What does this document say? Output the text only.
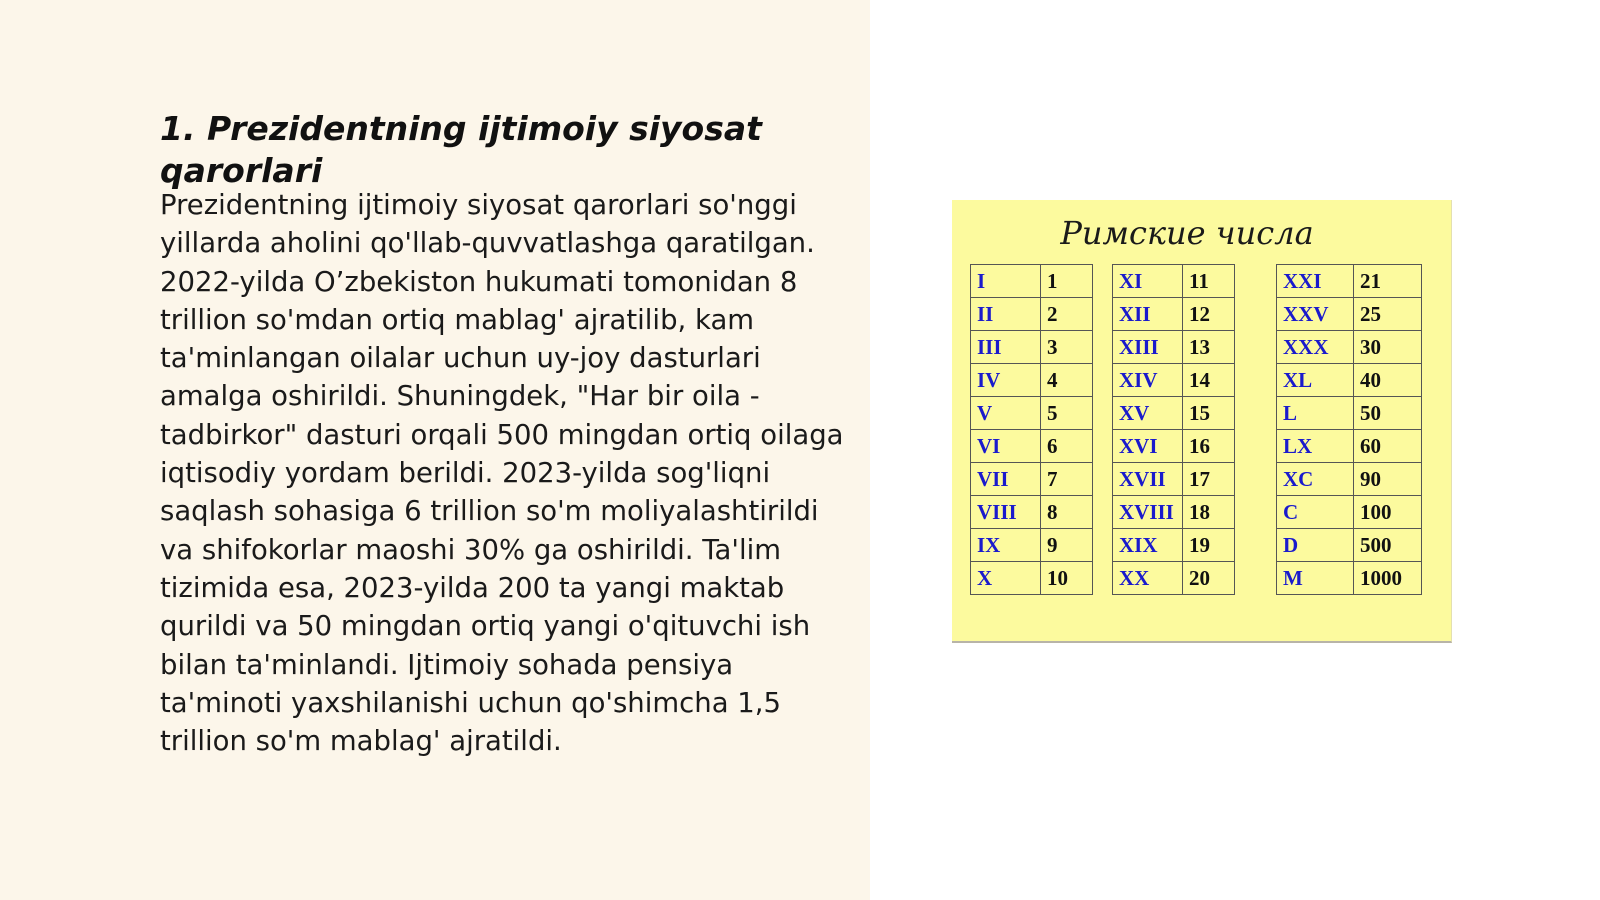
1. Prezidentning ijtimoiy siyosat qarorlari

Prezidentning ijtimoiy siyosat qarorlari so'nggi yillarda aholini qo'llab-quvvatlashga qaratilgan. 2022-yilda O’zbekiston hukumati tomonidan 8 trillion so'mdan ortiq mablag' ajratilib, kam ta'minlangan oilalar uchun uy-joy dasturlari amalga oshirildi. Shuningdek, "Har bir oila - tadbirkor" dasturi orqali 500 mingdan ortiq oilaga iqtisodiy yordam berildi. 2023-yilda sog'liqni saqlash sohasiga 6 trillion so'm moliyalashtirildi va shifokorlar maoshi 30% ga oshirildi. Ta'lim tizimida esa, 2023-yilda 200 ta yangi maktab qurildi va 50 mingdan ortiq yangi o'qituvchi ish bilan ta'minlandi. Ijtimoiy sohada pensiya ta'minoti yaxshilanishi uchun qo'shimcha 1,5 trillion so'm mablag' ajratildi.

Римские числа
I	1
II	2
III	3
IV	4
V	5
VI	6
VII	7
VIII	8
IX	9
X	10
XI	11
XII	12
XIII	13
XIV	14
XV	15
XVI	16
XVII	17
XVIII	18
XIX	19
XX	20
XXI	21
XXV	25
XXX	30
XL	40
L	50
LX	60
XC	90
C	100
D	500
M	1000
